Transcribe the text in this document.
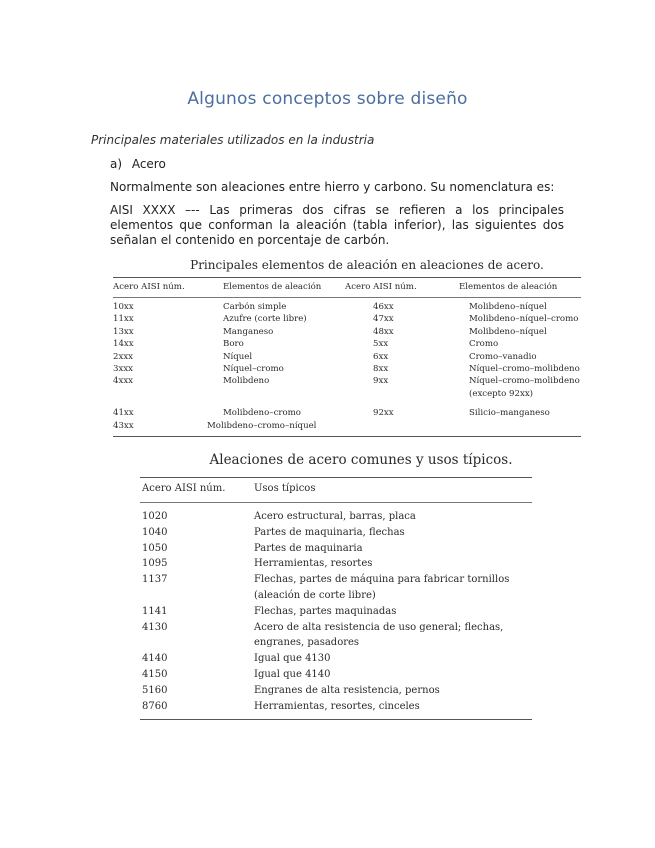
Algunos conceptos sobre diseño
Principales materiales utilizados en la industria
a) Acero
Normalmente son aleaciones entre hierro y carbono. Su nomenclatura es:
AISI XXXX –-- Las primeras dos cifras se refieren a los principales elementos que conforman la aleación (tabla inferior), las siguientes dos señalan el contenido en porcentaje de carbón.
Principales elementos de aleación en aleaciones de acero.
Acero AISI núm.	Elementos de aleación	Acero AISI núm.	Elementos de aleación
10xx	Carbón simple	46xx	Molibdeno–níquel
11xx	Azufre (corte libre)	47xx	Molibdeno–níquel–cromo
13xx	Manganeso	48xx	Molibdeno–níquel
14xx	Boro	5xx	Cromo
2xxx	Níquel	6xx	Cromo–vanadio
3xxx	Níquel–cromo	8xx	Níquel–cromo–molibdeno
4xxx	Molibdeno	9xx	Níquel–cromo–molibdeno
(excepto 92xx)
41xx	Molibdeno–cromo	92xx	Silicio–manganeso
43xx	Molibdeno–cromo–níquel
Aleaciones de acero comunes y usos típicos.
Acero AISI núm.	Usos típicos
1020	Acero estructural, barras, placa
1040	Partes de maquinaria, flechas
1050	Partes de maquinaria
1095	Herramientas, resortes
1137	Flechas, partes de máquina para fabricar tornillos
(aleación de corte libre)
1141	Flechas, partes maquinadas
4130	Acero de alta resistencia de uso general; flechas,
engranes, pasadores
4140	Igual que 4130
4150	Igual que 4140
5160	Engranes de alta resistencia, pernos
8760	Herramientas, resortes, cinceles
